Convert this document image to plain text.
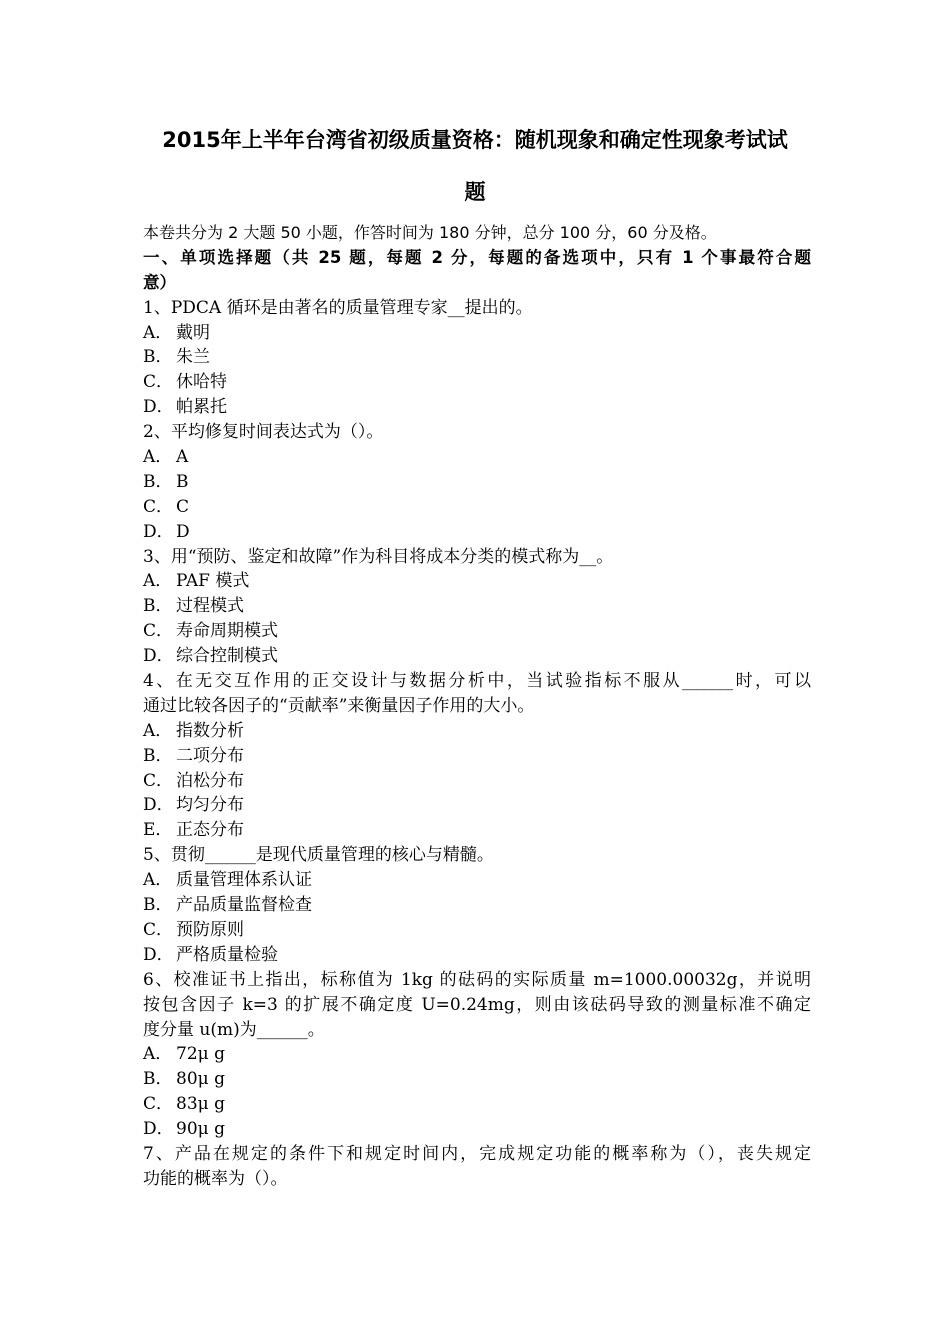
2015年上半年台湾省初级质量资格：随机现象和确定性现象考试试
题
本卷共分为 2 大题 50 小题，作答时间为 180 分钟，总分 100 分，60 分及格。
一、单项选择题（共 25 题，每题 2 分，每题的备选项中，只有 1 个事最符合题
意）
1、PDCA 循环是由著名的质量管理专家__提出的。
A． 戴明
B． 朱兰
C． 休哈特
D． 帕累托
2、平均修复时间表达式为（）。
A． A
B． B
C． C
D． D
3、用“预防、鉴定和故障”作为科目将成本分类的模式称为__。
A． PAF 模式
B． 过程模式
C． 寿命周期模式
D． 综合控制模式
4、在无交互作用的正交设计与数据分析中，当试验指标不服从______时，可以
通过比较各因子的“贡献率”来衡量因子作用的大小。
A． 指数分析
B． 二项分布
C． 泊松分布
D． 均匀分布
E． 正态分布
5、贯彻______是现代质量管理的核心与精髓。
A． 质量管理体系认证
B． 产品质量监督检查
C． 预防原则
D． 严格质量检验
6、校准证书上指出，标称值为 1kg 的砝码的实际质量 m=1000.00032g，并说明
按包含因子 k=3 的扩展不确定度 U=0.24mg，则由该砝码导致的测量标准不确定
度分量 u(m)为______。
A． 72μ g
B． 80μ g
C． 83μ g
D． 90μ g
7、产品在规定的条件下和规定时间内，完成规定功能的概率称为（），丧失规定
功能的概率为（）。
